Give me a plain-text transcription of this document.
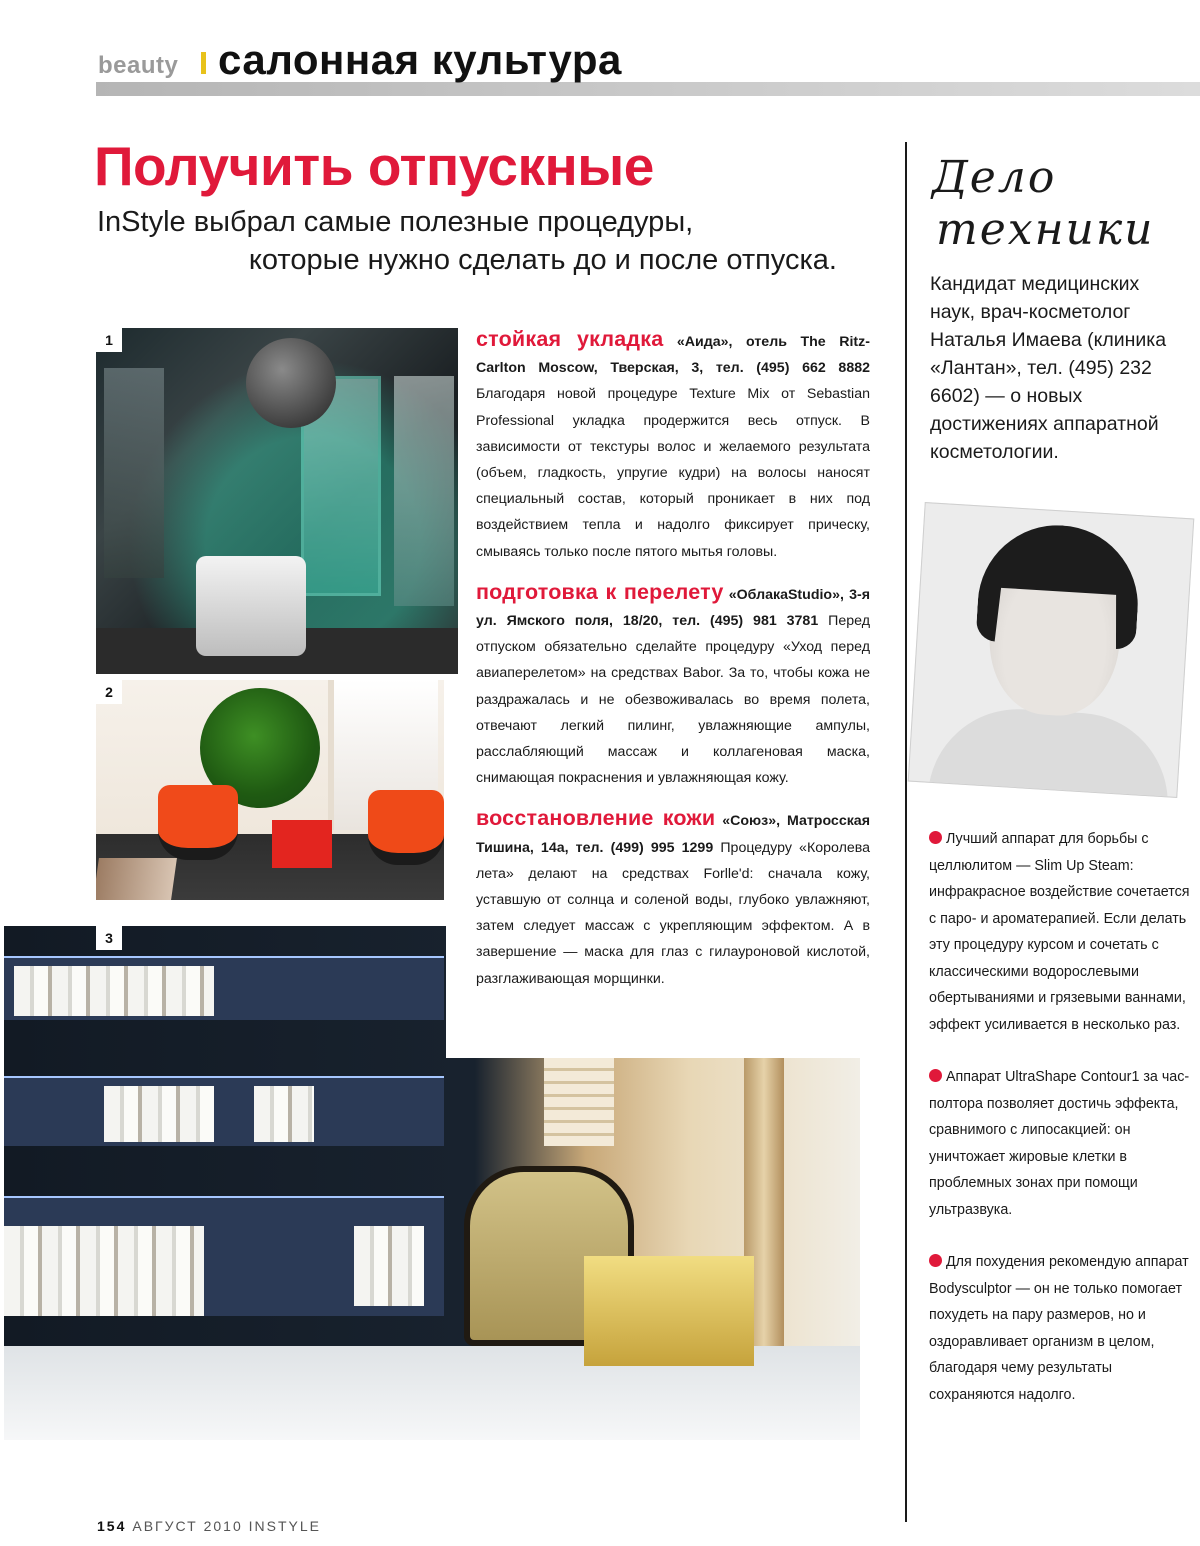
beauty салонная культура
Получить отпускные
InStyle выбрал самые полезные процедуры,
которые нужно сделать до и после отпуска.
1
2
3

стойкая укладка «Аида», отель The Ritz-Carlton Moscow, Тверская, 3, тел. (495) 662 8882 Благодаря новой процедуре Texture Mix от Sebastian Professional укладка продержится весь отпуск. В зависимости от текстуры волос и желаемого результата (объем, гладкость, упругие кудри) на волосы наносят специальный состав, который проникает в них под воздействием тепла и надолго фиксирует прическу, смываясь только после пятого мытья головы.

подготовка к перелету «ОблакаStudio», 3-я ул. Ямского поля, 18/20, тел. (495) 981 3781 Перед отпуском обязательно сделайте процедуру «Уход перед авиаперелетом» на средствах Babor. За то, чтобы кожа не раздражалась и не обезвоживалась во время полета, отвечают легкий пилинг, увлажняющие ампулы, расслабляющий массаж и коллагеновая маска, снимающая покраснения и увлажняющая кожу.

восстановление кожи «Союз», Матросская Тишина, 14а, тел. (499) 995 1299 Процедуру «Королева лета» делают на средствах Forlle'd: сначала кожу, уставшую от солнца и соленой воды, глубоко увлажняют, затем следует массаж с укрепляющим эффектом. А в завершение — маска для глаз с гилауроновой кислотой, разглаживающая морщинки.

Дело
техники
Кандидат медицинских наук, врач-косметолог Наталья Имаева (клиника «Лантан», тел. (495) 232 6602) — о новых достижениях аппаратной косметологии.
Лучший аппарат для борьбы с целлюлитом — Slim Up Steam: инфракрасное воздействие сочетается с паро- и ароматерапией. Если делать эту процедуру курсом и сочетать с классическими водорослевыми обертываниями и грязевыми ваннами, эффект усиливается в несколько раз.
Аппарат UltraShape Contour1 за час-полтора позволяет достичь эффекта, сравнимого с липосакцией: он уничтожает жировые клетки в проблемных зонах при помощи ультразвука.
Для похудения рекомендую аппарат Bodysculptor — он не только помогает похудеть на пару размеров, но и оздоравливает организм в целом, благодаря чему результаты сохраняются надолго.
154 АВГУСТ 2010 INSTYLE
